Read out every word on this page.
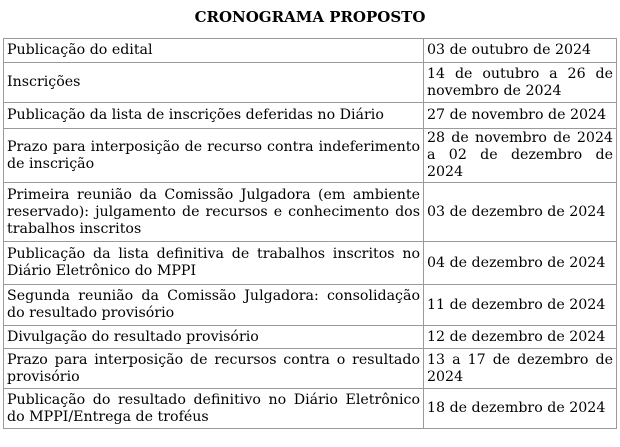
CRONOGRAMA PROPOSTO
Publicação do edital	03 de outubro de 2024
Inscrições	14 de outubro a 26 de novembro de 2024
Publicação da lista de inscrições deferidas no Diário	27 de novembro de 2024
Prazo para interposição de recurso contra indeferimento de inscrição	28 de novembro de 2024 a 02 de dezembro de 2024
Primeira reunião da Comissão Julgadora (em ambiente reservado): julgamento de recursos e conhecimento dos trabalhos inscritos	03 de dezembro de 2024
Publicação da lista definitiva de trabalhos inscritos no Diário Eletrônico do MPPI	04 de dezembro de 2024
Segunda reunião da Comissão Julgadora: consolidação do resultado provisório	11 de dezembro de 2024
Divulgação do resultado provisório	12 de dezembro de 2024
Prazo para interposição de recursos contra o resultado provisório	13 a 17 de dezembro de 2024
Publicação do resultado definitivo no Diário Eletrônico do MPPI/Entrega de troféus	18 de dezembro de 2024
